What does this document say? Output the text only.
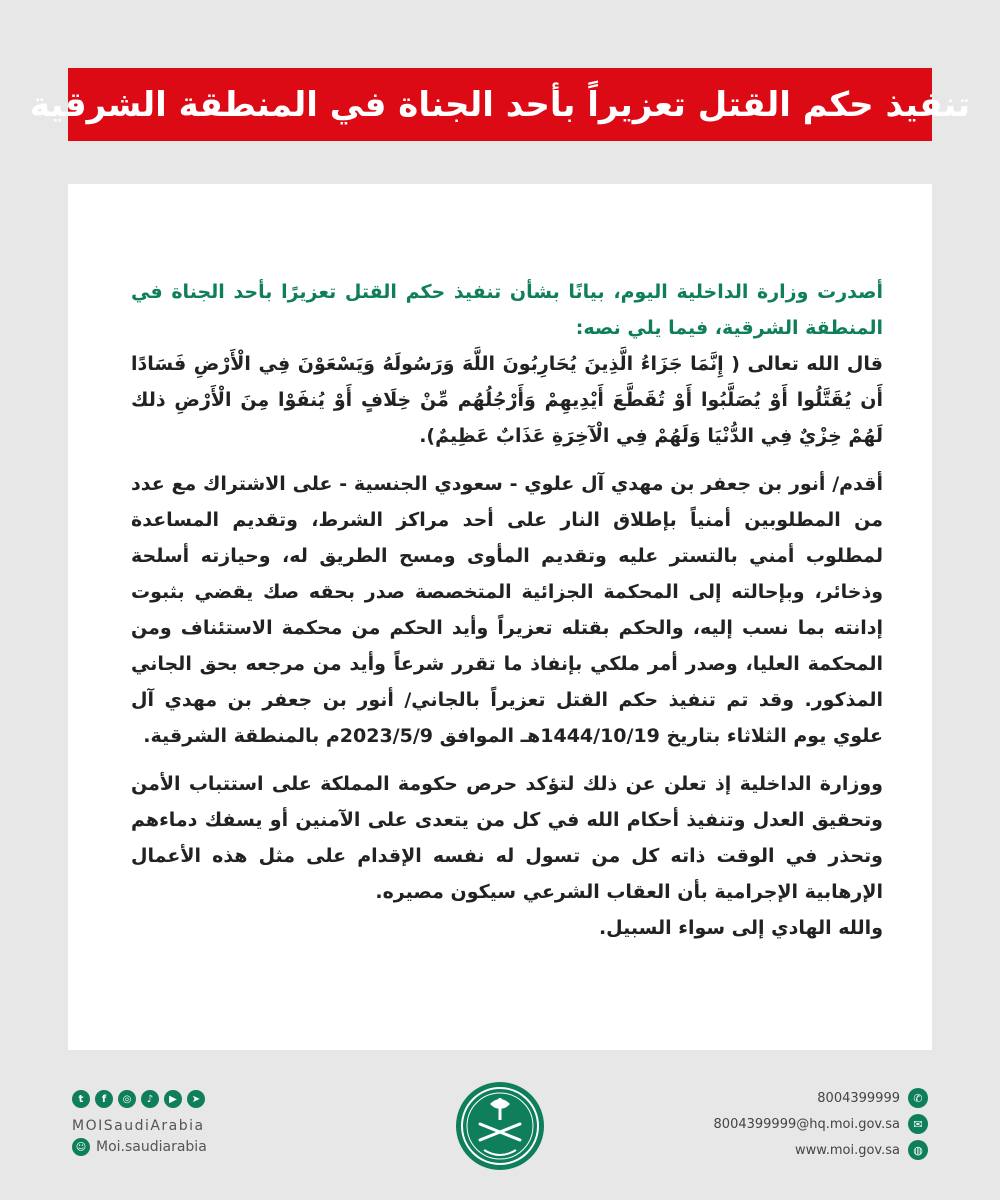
تنفيذ حكم القتل تعزيراً بأحد الجناة في المنطقة الشرقية

أصدرت وزارة الداخلية اليوم، بيانًا بشأن تنفيذ حكم القتل تعزيرًا بأحد الجناة في المنطقة الشرقية، فيما يلي نصه:

قال الله تعالى ( إِنَّمَا جَزَاءُ الَّذِينَ يُحَارِبُونَ اللَّهَ وَرَسُولَهُ وَيَسْعَوْنَ فِي الْأَرْضِ فَسَادًا أَن يُقَتَّلُوا أَوْ يُصَلَّبُوا أَوْ تُقَطَّعَ أَيْدِيهِمْ وَأَرْجُلُهُم مِّنْ خِلَافٍ أَوْ يُنفَوْا مِنَ الْأَرْضِ ذلك لَهُمْ خِزْيٌ فِي الدُّنْيَا وَلَهُمْ فِي الْآخِرَةِ عَذَابٌ عَظِيمٌ).

أقدم/ أنور بن جعفر بن مهدي آل علوي - سعودي الجنسية - على الاشتراك مع عدد من المطلوبين أمنياً بإطلاق النار على أحد مراكز الشرط، وتقديم المساعدة لمطلوب أمني بالتستر عليه وتقديم المأوى ومسح الطريق له، وحيازته أسلحة وذخائر، وبإحالته إلى المحكمة الجزائية المتخصصة صدر بحقه صك يقضي بثبوت إدانته بما نسب إليه، والحكم بقتله تعزيراً وأيد الحكم من محكمة الاستئناف ومن المحكمة العليا، وصدر أمر ملكي بإنفاذ ما تقرر شرعاً وأيد من مرجعه بحق الجاني المذكور. وقد تم تنفيذ حكم القتل تعزيراً بالجاني/ أنور بن جعفر بن مهدي آل علوي يوم الثلاثاء بتاريخ 1444/10/19هـ الموافق 2023/5/9م بالمنطقة الشرقية.

ووزارة الداخلية إذ تعلن عن ذلك لتؤكد حرص حكومة المملكة على استتباب الأمن وتحقيق العدل وتنفيذ أحكام الله في كل من يتعدى على الآمنين أو يسفك دماءهم وتحذر في الوقت ذاته كل من تسول له نفسه الإقدام على مثل هذه الأعمال الإرهابية الإجرامية بأن العقاب الشرعي سيكون مصيره.

والله الهادي إلى سواء السبيل.

t	f	◎	♪	▶	➤
MOISaudiArabia
☺ Moi.saudiarabia
8004399999	✆
8004399999@hq.moi.gov.sa	✉
www.moi.gov.sa	◍
